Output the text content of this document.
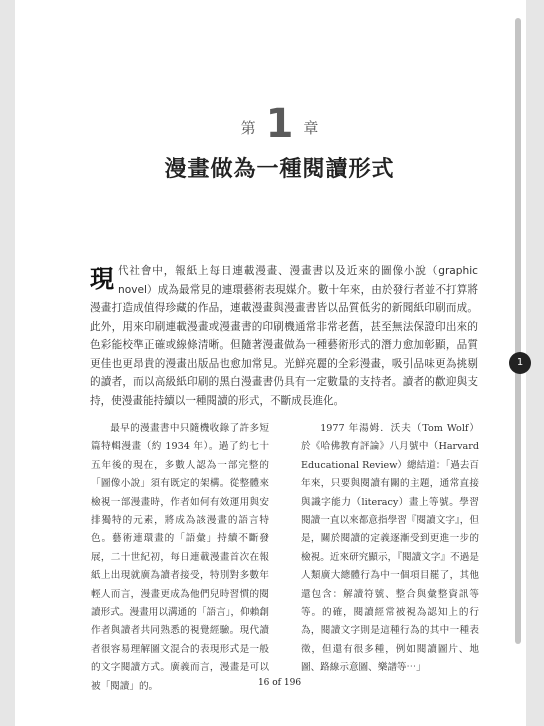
第 1 章
漫畫做為一種閱讀形式
現代社會中，報紙上每日連載漫畫、漫畫書以及近來的圖像小說（graphic novel）成為最常見的連環藝術表現媒介。數十年來，由於發行者並不打算將漫畫打造成值得珍藏的作品，連載漫畫與漫畫書皆以品質低劣的新聞紙印刷而成。此外，用來印刷連載漫畫或漫畫書的印刷機通常非常老舊，甚至無法保證印出來的色彩能校準正確或線條清晰。但隨著漫畫做為一種藝術形式的潛力愈加彰顯，品質更佳也更昂貴的漫畫出版品也愈加常見。光鮮亮麗的全彩漫畫，吸引品味更為挑剔的讀者，而以高級紙印刷的黑白漫畫書仍具有一定數量的支持者。讀者的歡迎與支持，使漫畫能持續以一種閱讀的形式，不斷成長進化。

最早的漫畫書中只隨機收錄了許多短篇特輯漫畫（約 1934 年）。過了約七十五年後的現在，多數人認為一部完整的「圖像小說」須有既定的架構。從整體來檢視一部漫畫時，作者如何有效運用與安排獨特的元素，將成為該漫畫的語言特色。藝術連環畫的「語彙」持續不斷發展，二十世紀初，每日連載漫畫首次在報紙上出現就廣為讀者接受，特別對多數年輕人而言，漫畫更成為他們兒時習慣的閱讀形式。漫畫用以溝通的「語言」，仰賴創作者與讀者共同熟悉的視覺經驗。現代讀者很容易理解圖文混合的表現形式是一般的文字閱讀方式。廣義而言，漫畫是可以被「閱讀」的。

1977 年湯姆．沃夫（Tom Wolf）於《哈佛教育評論》八月號中（Harvard Educational Review）總結道：「過去百年來，只要與閱讀有關的主題，通常直接與識字能力（literacy）畫上等號。學習閱讀一直以來都意指學習『閱讀文字』，但是，關於閱讀的定義逐漸受到更進一步的檢視。近來研究顯示，『閱讀文字』不過是人類廣大總體行為中一個項目罷了，其他還包含：解讀符號、整合與彙整資訊等等。的確，閱讀經常被視為認知上的行為，閱讀文字則是這種行為的其中一種表徵，但還有很多種，例如閱讀圖片、地圖、路線示意圖、樂譜等⋯」

16 of 196
1
